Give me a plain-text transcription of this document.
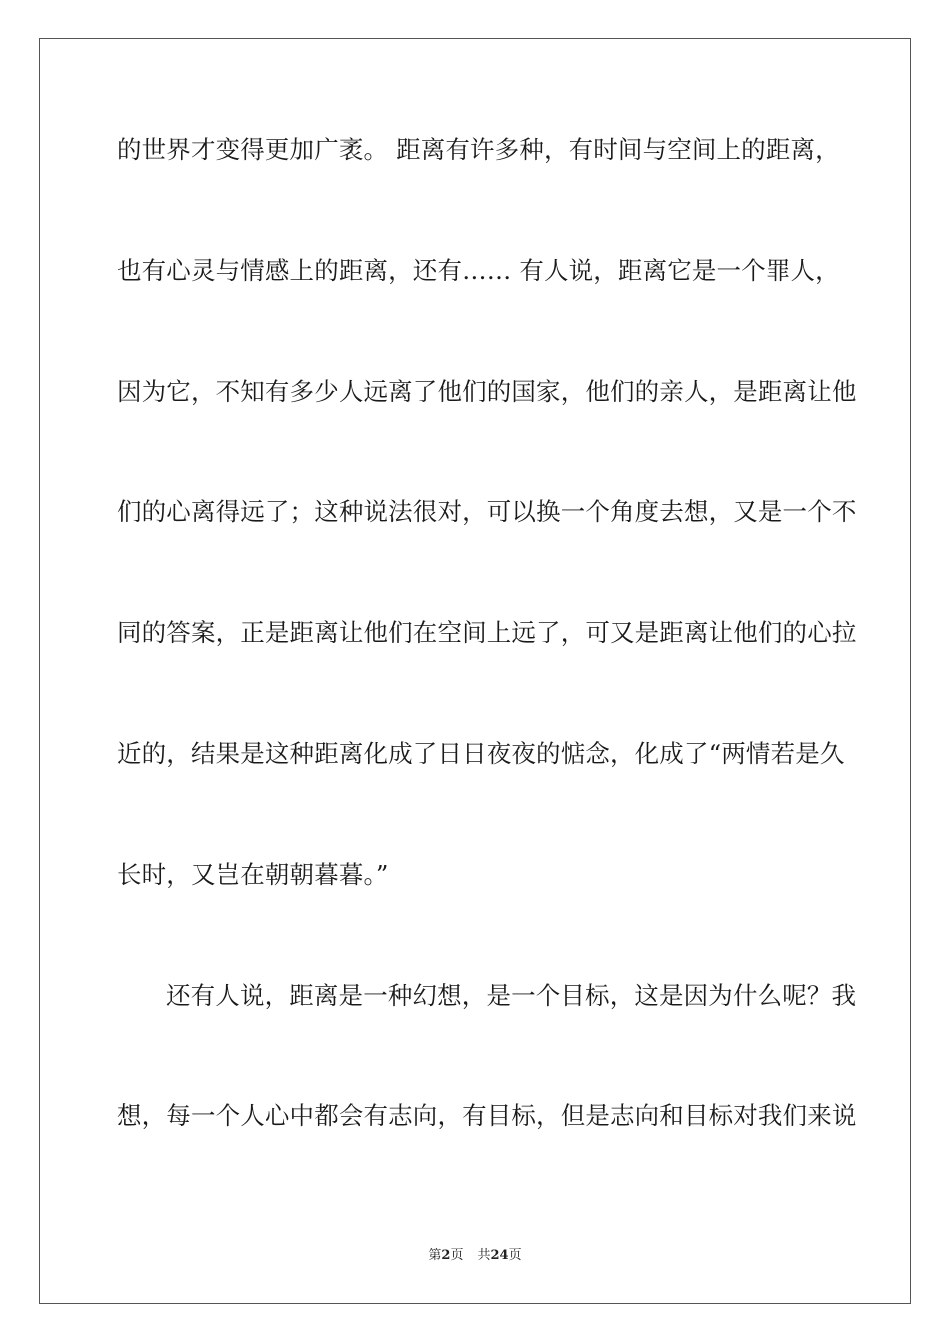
的世界才变得更加广袤。 距离有许多种，有时间与空间上的距离，
也有心灵与情感上的距离，还有…… 有人说，距离它是一个罪人，
因为它，不知有多少人远离了他们的国家，他们的亲人，是距离让他
们的心离得远了；这种说法很对，可以换一个角度去想，又是一个不
同的答案，正是距离让他们在空间上远了，可又是距离让他们的心拉
近的，结果是这种距离化成了日日夜夜的惦念，化成了“两情若是久
长时，又岂在朝朝暮暮。”
还有人说，距离是一种幻想，是一个目标，这是因为什么呢？我
想，每一个人心中都会有志向，有目标，但是志向和目标对我们来说
第2页 共24页
